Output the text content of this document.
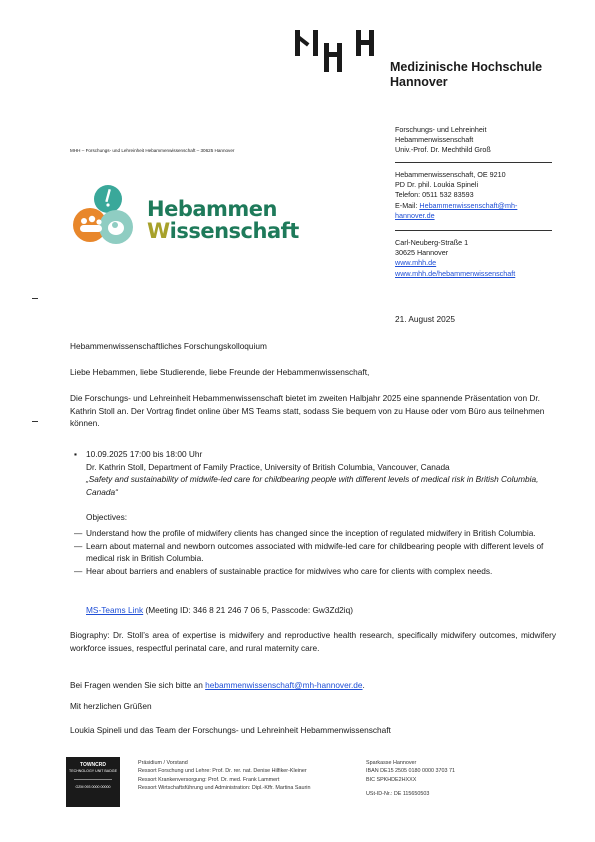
Medizinische Hochschule
Hannover
MHH – Forschungs- und Lehreinheit Hebammenwissenschaft – 30625 Hannover
Hebammen
Wissenschaft
Forschungs- und Lehreinheit
Hebammenwissenschaft
Univ.-Prof. Dr. Mechthild Groß
Hebammenwissenschaft, OE 9210
PD Dr. phil. Loukia Spineli
Telefon: 0511 532 83593
E-Mail: Hebammenwissenschaft@mh-
hannover.de
Carl-Neuberg-Straße 1
30625 Hannover
www.mhh.de
www.mhh.de/hebammenwissenschaft
21. August 2025
Hebammenwissenschaftliches Forschungskolloquium
Liebe Hebammen, liebe Studierende, liebe Freunde der Hebammenwissenschaft,
Die Forschungs- und Lehreinheit Hebammenwissenschaft bietet im zweiten Halbjahr 2025 eine spannende Präsentation von Dr. Kathrin Stoll an. Der Vortrag findet online über MS Teams statt, sodass Sie bequem von zu Hause oder vom Büro aus teilnehmen können.
▪ 10.09.2025 17:00 bis 18:00 Uhr
Dr. Kathrin Stoll, Department of Family Practice, University of British Columbia, Vancouver, Canada
„Safety and sustainability of midwife-led care for childbearing people with different levels of medical risk in British Columbia, Canada“
Objectives:
— Understand how the profile of midwifery clients has changed since the inception of regulated midwifery in British Columbia.
— Learn about maternal and newborn outcomes associated with midwife-led care for childbearing people with different levels of medical risk in British Columbia.
— Hear about barriers and enablers of sustainable practice for midwives who care for clients with complex needs.
MS-Teams Link (Meeting ID: 346 8 21 246 7 06 5, Passcode: Gw3Zd2iq)
Biography: Dr. Stoll’s area of expertise is midwifery and reproductive health research, specifically midwifery outcomes, midwifery workforce issues, respectful perinatal care, and rural maternity care.
Bei Fragen wenden Sie sich bitte an hebammenwissenschaft@mh-hannover.de.
Mit herzlichen Grüßen
Loukia Spineli und das Team der Forschungs- und Lehreinheit Hebammenwissenschaft
TOWNCRD
TECHNOLOGY UNIT BADGE
OZM 093 0000 00000
Präsidium / Vorstand
Ressort Forschung und Lehre: Prof. Dr. rer. nat. Denise Hilfiker-Kleiner
Ressort Krankenversorgung: Prof. Dr. med. Frank Lammert
Ressort Wirtschaftsführung und Administration: Dipl.-Kffr. Martina Saurin
Sparkasse Hannover
IBAN DE15 2505 0180 0000 3703 71
BIC SPKHDE2HXXX
USt-ID-Nr.: DE 115650503
